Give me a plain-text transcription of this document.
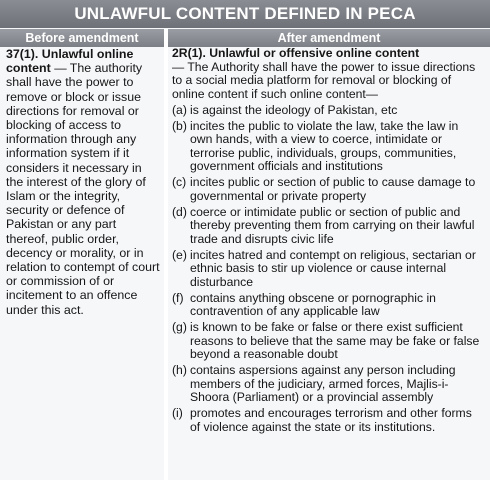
UNLAWFUL CONTENT DEFINED IN PECA
Before amendment	After amendment
37(1). Unlawful online content — The authority shall have the power to remove or block or issue directions for removal or blocking of access to information through any information system if it considers it necessary in the interest of the glory of Islam or the integrity, security or defence of Pakistan or any part thereof, public order, decency or morality, or in relation to contempt of court or commission of or incitement to an offence under this act.

2R(1). Unlawful or offensive online content
— The Authority shall have the power to issue directions to a social media platform for removal or blocking of online content if such online content—

(a) is against the ideology of Pakistan, etc
(b) incites the public to violate the law, take the law in own hands, with a view to coerce, intimidate or terrorise public, individuals, groups, communities, government officials and institutions
(c) incites public or section of public to cause damage to governmental or private property
(d) coerce or intimidate public or section of public and thereby preventing them from carrying on their lawful trade and disrupts civic life
(e) incites hatred and contempt on religious, sectarian or ethnic basis to stir up violence or cause internal disturbance
(f) contains anything obscene or pornographic in contravention of any applicable law
(g) is known to be fake or false or there exist sufficient reasons to believe that the same may be fake or false beyond a reasonable doubt
(h) contains aspersions against any person including members of the judiciary, armed forces, Majlis-i-Shoora (Parliament) or a provincial assembly
(i) promotes and encourages terrorism and other forms of violence against the state or its institutions.
